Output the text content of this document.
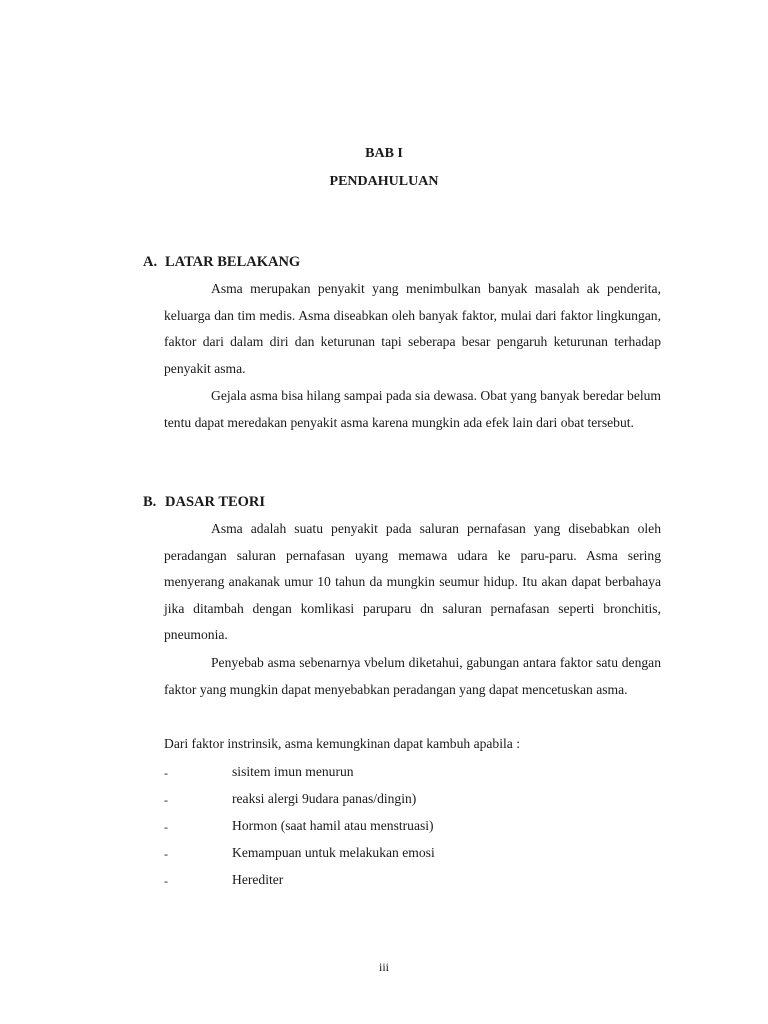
BAB I
PENDAHULUAN
A. LATAR BELAKANG

Asma merupakan penyakit yang menimbulkan banyak masalah ak penderita, keluarga dan tim medis. Asma diseabkan oleh banyak faktor, mulai dari faktor lingkungan, faktor dari dalam diri dan keturunan tapi seberapa besar pengaruh keturunan terhadap penyakit asma.

Gejala asma bisa hilang sampai pada sia dewasa. Obat yang banyak beredar belum tentu dapat meredakan penyakit asma karena mungkin ada efek lain dari obat tersebut.

B. DASAR TEORI

Asma adalah suatu penyakit pada saluran pernafasan yang disebabkan oleh peradangan saluran pernafasan uyang memawa udara ke paru-paru. Asma sering menyerang anakanak umur 10 tahun da mungkin seumur hidup. Itu akan dapat berbahaya jika ditambah dengan komlikasi paruparu dn saluran pernafasan seperti bronchitis, pneumonia.

Penyebab asma sebenarnya vbelum diketahui, gabungan antara faktor satu dengan faktor yang mungkin dapat menyebabkan peradangan yang dapat mencetuskan asma.

Dari faktor instrinsik, asma kemungkinan dapat kambuh apabila :

-	sisitem imun menurun
-	reaksi alergi 9udara panas/dingin)
-	Hormon (saat hamil atau menstruasi)
-	Kemampuan untuk melakukan emosi
-	Herediter
iii
